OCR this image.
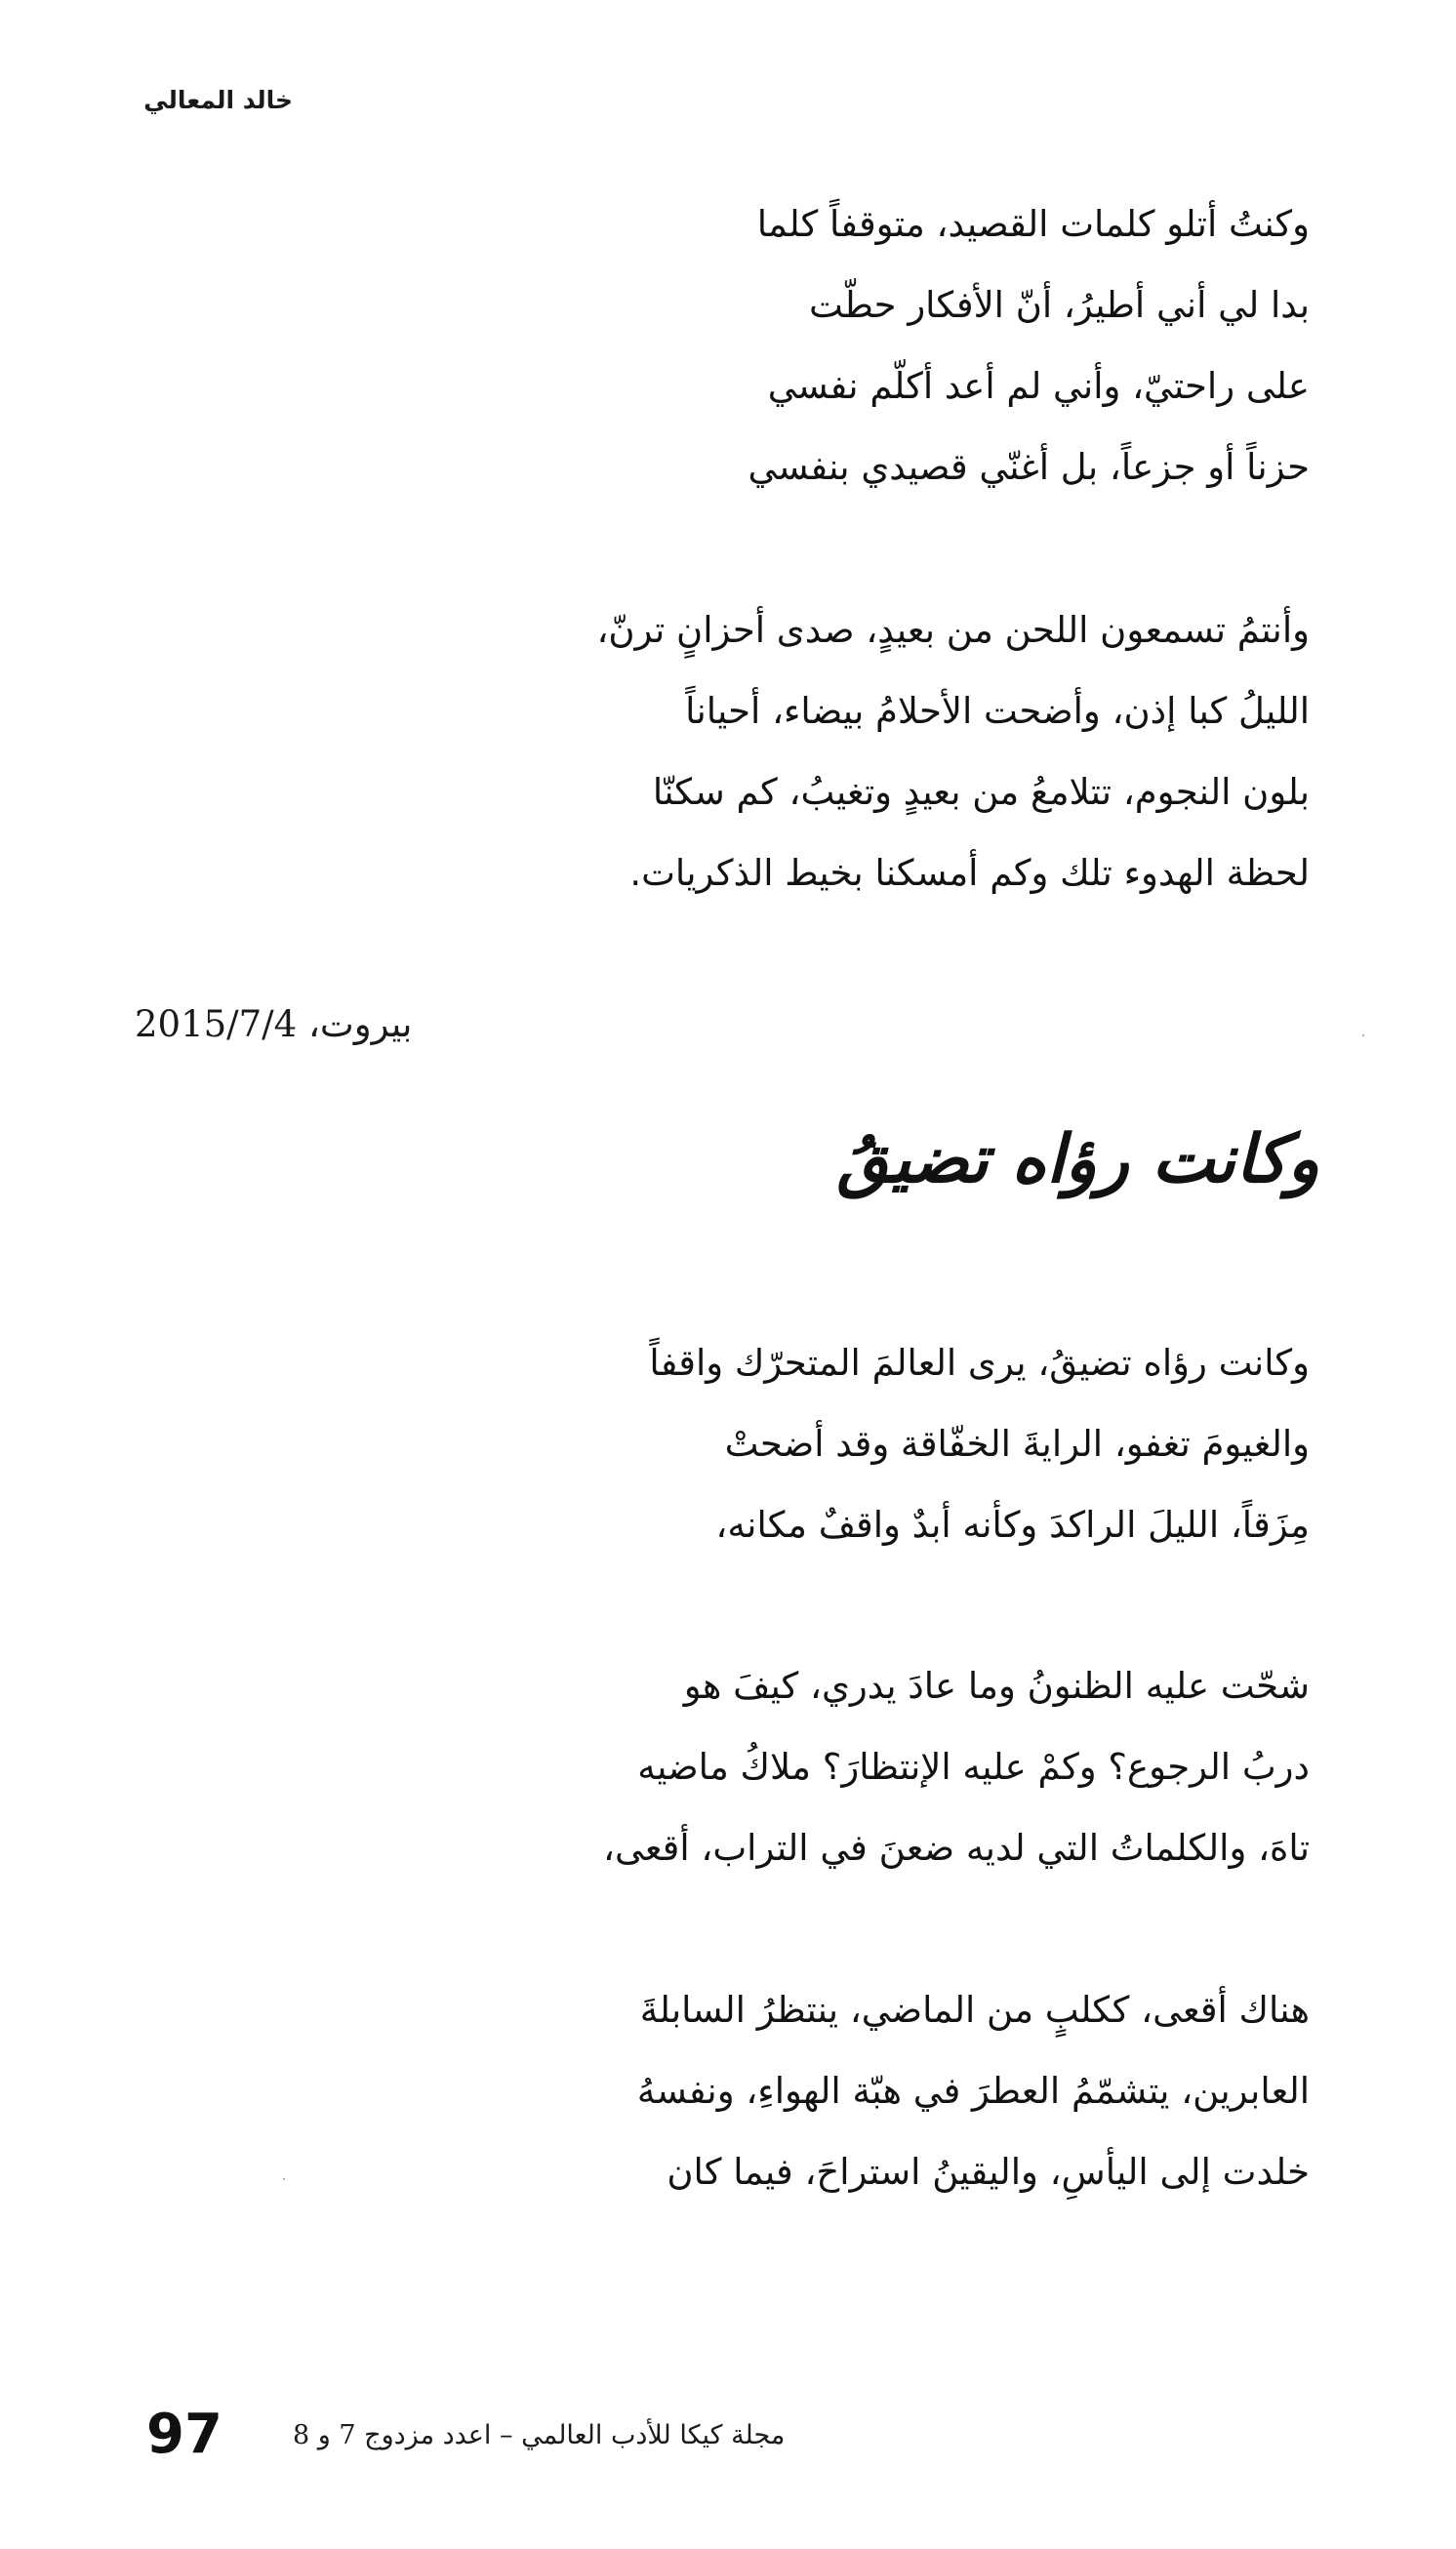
خالد المعالي
وكنتُ أتلو كلمات القصيد، متوقفاً كلما
بدا لي أني أطيرُ، أنّ الأفكار حطّت
على راحتيّ، وأني لم أعد أكلّم نفسي
حزناً أو جزعاً، بل أغنّي قصيدي بنفسي
وأنتمُ تسمعون اللحن من بعيدٍ، صدى أحزانٍ ترنّ،
الليلُ كبا إذن، وأضحت الأحلامُ بيضاء، أحياناً
بلون النجوم، تتلامعُ من بعيدٍ وتغيبُ، كم سكنّا
لحظة الهدوء تلك وكم أمسكنا بخيط الذكريات.
بيروت، 2015/7/4
وكانت رؤاه تضيقُ
وكانت رؤاه تضيقُ، يرى العالمَ المتحرّك واقفاً
والغيومَ تغفو، الرايةَ الخفّاقة وقد أضحتْ
مِزَقاً، الليلَ الراكدَ وكأنه أبدٌ واقفٌ مكانه،
شحّت عليه الظنونُ وما عادَ يدري، كيفَ هو
دربُ الرجوع؟ وكمْ عليه الإنتظارَ؟ ملاكُ ماضيه
تاهَ، والكلماتُ التي لديه ضعنَ في التراب، أقعى،
هناك أقعى، ككلبٍ من الماضي، ينتظرُ السابلةَ
العابرين، يتشمّمُ العطرَ في هبّة الهواءِ، ونفسهُ
خلدت إلى اليأسِ، واليقينُ استراحَ، فيما كان
97	مجلة كيكا للأدب العالمي – اعدد مزدوج 7 و 8
